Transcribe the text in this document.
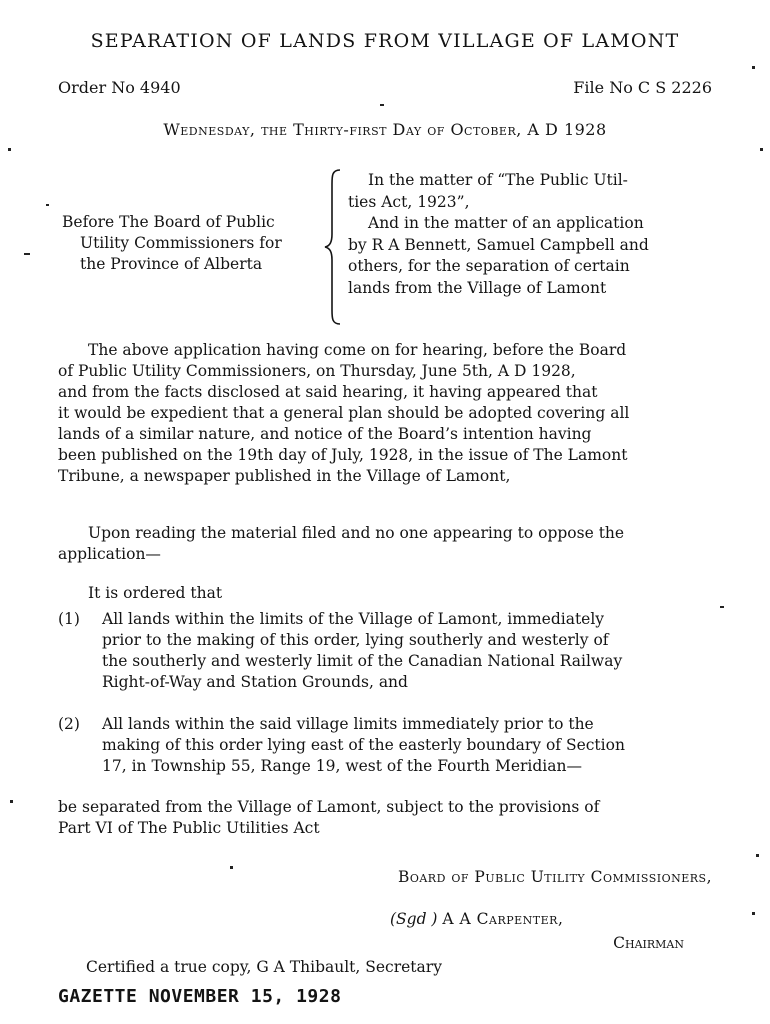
SEPARATION OF LANDS FROM VILLAGE OF LAMONT
Order No 4940	File No C S 2226
Wednesday, the Thirty-first Day of October, A D 1928
Before The Board of Public
Utility Commissioners for
the Province of Alberta
In the matter of “The Public Util-
ties Act, 1923”,
And in the matter of an application
by R A Bennett, Samuel Campbell and
others, for the separation of certain
lands from the Village of Lamont
The above application having come on for hearing, before the Board
of Public Utility Commissioners, on Thursday, June 5th, A D 1928,
and from the facts disclosed at said hearing, it having appeared that
it would be expedient that a general plan should be adopted covering all
lands of a similar nature, and notice of the Board’s intention having
been published on the 19th day of July, 1928, in the issue of The Lamont
Tribune, a newspaper published in the Village of Lamont,
Upon reading the material filed and no one appearing to oppose the
application—
It is ordered that
(1)	All lands within the limits of the Village of Lamont, immediately
prior to the making of this order, lying southerly and westerly of
the southerly and westerly limit of the Canadian National Railway
Right-of-Way and Station Grounds, and
(2)	All lands within the said village limits immediately prior to the
making of this order lying east of the easterly boundary of Section
17, in Township 55, Range 19, west of the Fourth Meridian—
be separated from the Village of Lamont, subject to the provisions of
Part VI of The Public Utilities Act
Board of Public Utility Commissioners,
(Sgd ) A A Carpenter,
Chairman
Certified a true copy, G A Thibault, Secretary
GAZETTE NOVEMBER 15, 1928
